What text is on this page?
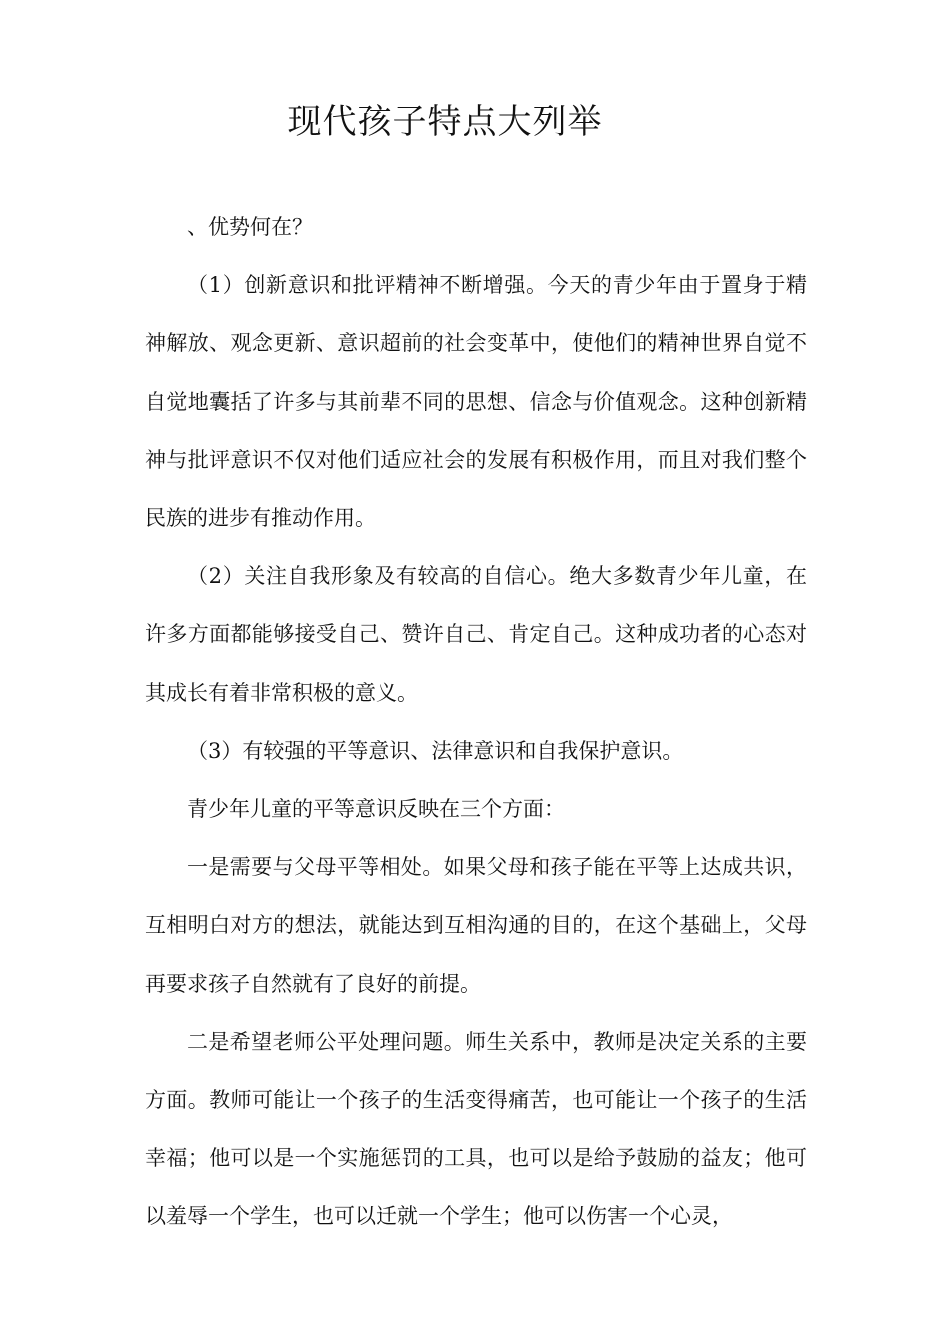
现代孩子特点大列举

、优势何在？

（1）创新意识和批评精神不断增强。今天的青少年由于置身于精神解放、观念更新、意识超前的社会变革中，使他们的精神世界自觉不自觉地囊括了许多与其前辈不同的思想、信念与价值观念。这种创新精神与批评意识不仅对他们适应社会的发展有积极作用，而且对我们整个民族的进步有推动作用。

（2）关注自我形象及有较高的自信心。绝大多数青少年儿童，在许多方面都能够接受自己、赞许自己、肯定自己。这种成功者的心态对其成长有着非常积极的意义。

（3）有较强的平等意识、法律意识和自我保护意识。

青少年儿童的平等意识反映在三个方面：

一是需要与父母平等相处。如果父母和孩子能在平等上达成共识，互相明白对方的想法，就能达到互相沟通的目的，在这个基础上，父母再要求孩子自然就有了良好的前提。

二是希望老师公平处理问题。师生关系中，教师是决定关系的主要方面。教师可能让一个孩子的生活变得痛苦，也可能让一个孩子的生活幸福；他可以是一个实施惩罚的工具，也可以是给予鼓励的益友；他可以羞辱一个学生，也可以迁就一个学生；他可以伤害一个心灵，
